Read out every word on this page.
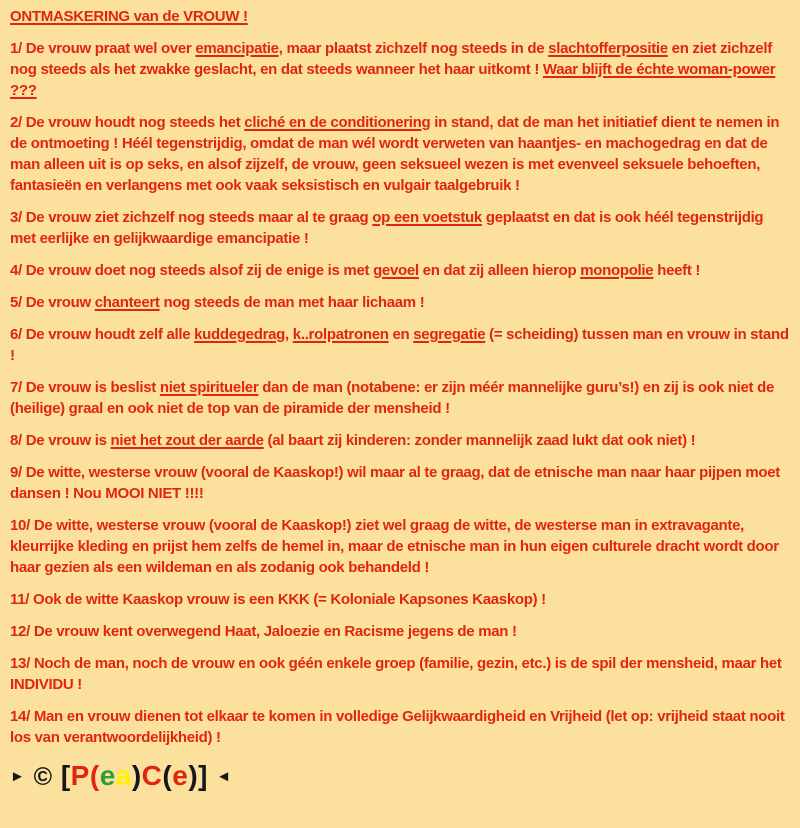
ONTMASKERING van de VROUW !

1/ De vrouw praat wel over emancipatie, maar plaatst zichzelf nog steeds in de slachtofferpositie en ziet zichzelf nog steeds als het zwakke geslacht, en dat steeds wanneer het haar uitkomt ! Waar blijft de échte woman-power ???

2/ De vrouw houdt nog steeds het cliché en de conditionering in stand, dat de man het initiatief dient te nemen in de ontmoeting ! Héél tegenstrijdig, omdat de man wél wordt verweten van haantjes- en machogedrag en dat de man alleen uit is op seks, en alsof zijzelf, de vrouw, geen seksueel wezen is met evenveel seksuele behoeften, fantasieën en verlangens met ook vaak seksistisch en vulgair taalgebruik !

3/ De vrouw ziet zichzelf nog steeds maar al te graag op een voetstuk geplaatst en dat is ook héél tegenstrijdig met eerlijke en gelijkwaardige emancipatie !

4/ De vrouw doet nog steeds alsof zij de enige is met gevoel en dat zij alleen hierop monopolie heeft !

5/ De vrouw chanteert nog steeds de man met haar lichaam !

6/ De vrouw houdt zelf alle kuddegedrag, k..rolpatronen en segregatie (= scheiding) tussen man en vrouw in stand !

7/ De vrouw is beslist niet spiritueler dan de man (notabene: er zijn méér mannelijke guru’s!) en zij is ook niet de (heilige) graal en ook niet de top van de piramide der mensheid !

8/ De vrouw is niet het zout der aarde (al baart zij kinderen: zonder mannelijk zaad lukt dat ook niet) !

9/ De witte, westerse vrouw (vooral de Kaaskop!) wil maar al te graag, dat de etnische man naar haar pijpen moet dansen ! Nou MOOI NIET !!!!

10/ De witte, westerse vrouw (vooral de Kaaskop!) ziet wel graag de witte, de westerse man in extravagante, kleurrijke kleding en prijst hem zelfs de hemel in, maar de etnische man in hun eigen culturele dracht wordt door haar gezien als een wildeman en als zodanig ook behandeld !

11/ Ook de witte Kaaskop vrouw is een KKK (= Koloniale Kapsones Kaaskop) !

12/ De vrouw kent overwegend Haat, Jaloezie en Racisme jegens de man !

13/ Noch de man, noch de vrouw en ook géén enkele groep (familie, gezin, etc.) is de spil der mensheid, maar het INDIVIDU !

14/ Man en vrouw dienen tot elkaar te komen in volledige Gelijkwaardigheid en Vrijheid (let op: vrijheid staat nooit los van verantwoordelijkheid) !

► © [P(ea)C(e)] ◄
